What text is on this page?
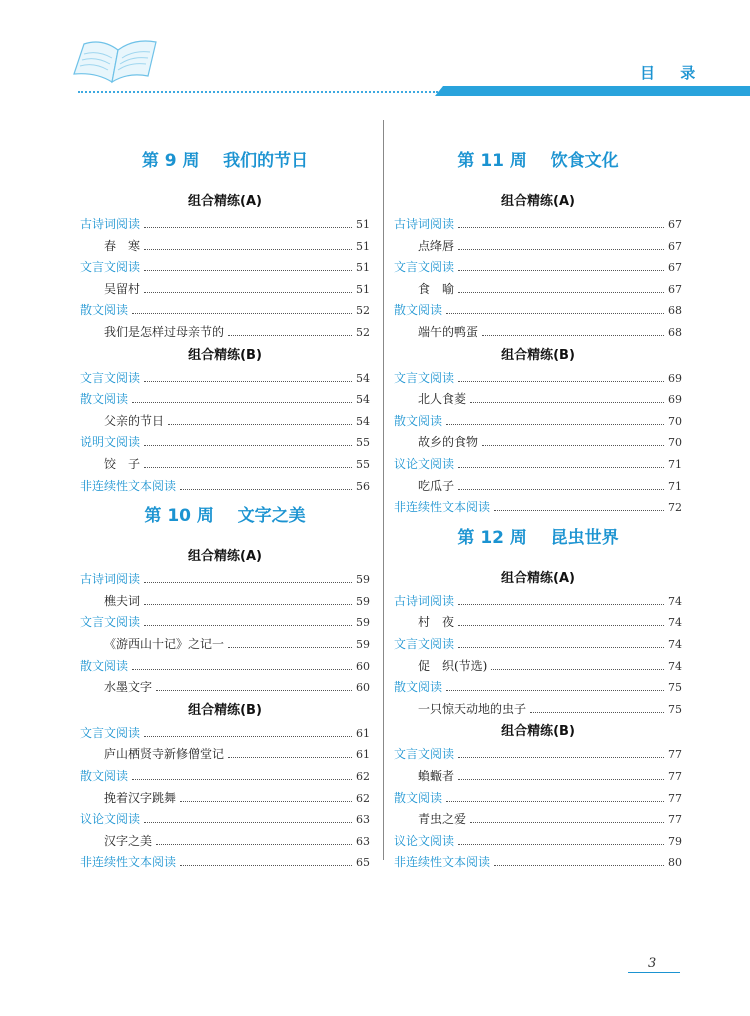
目 录
第 9 周    我们的节日
组合精练(A)
古诗词阅读	51
春　寒	51
文言文阅读	51
吴留村	51
散文阅读	52
我们是怎样过母亲节的	52
组合精练(B)
文言文阅读	54
散文阅读	54
父亲的节日	54
说明文阅读	55
饺　子	55
非连续性文本阅读	56
第 10 周    文字之美
组合精练(A)
古诗词阅读	59
樵夫词	59
文言文阅读	59
《游西山十记》之记一	59
散文阅读	60
水墨文字	60
组合精练(B)
文言文阅读	61
庐山栖贤寺新修僧堂记	61
散文阅读	62
挽着汉字跳舞	62
议论文阅读	63
汉字之美	63
非连续性文本阅读	65
第 11 周    饮食文化
组合精练(A)
古诗词阅读	67
点绛唇	67
文言文阅读	67
食　喻	67
散文阅读	68
端午的鸭蛋	68
组合精练(B)
文言文阅读	69
北人食菱	69
散文阅读	70
故乡的食物	70
议论文阅读	71
吃瓜子	71
非连续性文本阅读	72
第 12 周    昆虫世界
组合精练(A)
古诗词阅读	74
村　夜	74
文言文阅读	74
促　织(节选)	74
散文阅读	75
一只惊天动地的虫子	75
组合精练(B)
文言文阅读	77
蝜蝂者	77
散文阅读	77
青虫之爱	77
议论文阅读	79
非连续性文本阅读	80
3
